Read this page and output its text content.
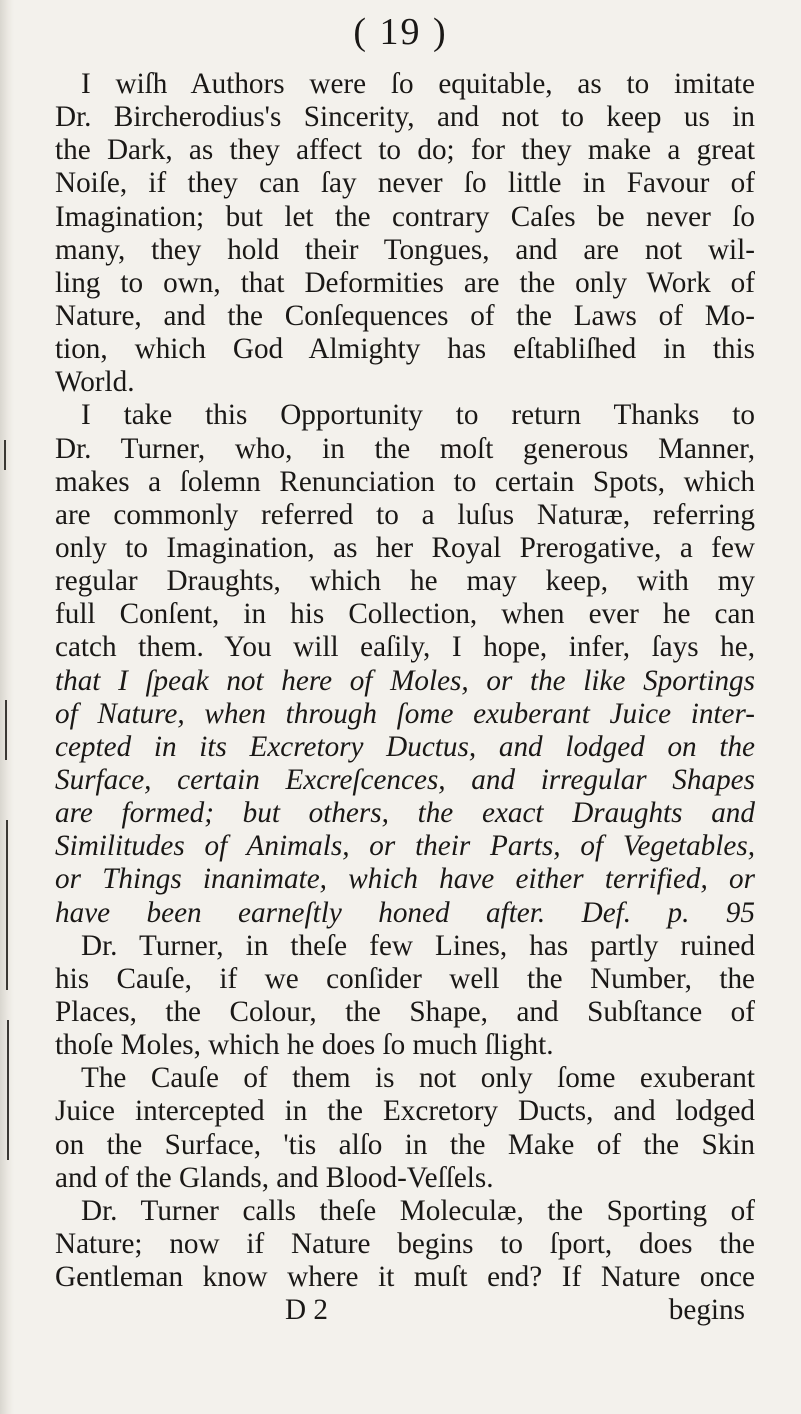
( 19 )
I wiſh Authors were ſo equitable, as to imitate
Dr. Bircherodius's Sincerity, and not to keep us in
the Dark, as they affect to do; for they make a great
Noiſe, if they can ſay never ſo little in Favour of
Imagination; but let the contrary Caſes be never ſo
many, they hold their Tongues, and are not wil-
ling to own, that Deformities are the only Work of
Nature, and the Conſequences of the Laws of Mo-
tion, which God Almighty has eſtabliſhed in this
World.
I take this Opportunity to return Thanks to
Dr. Turner, who, in the moſt generous Manner,
makes a ſolemn Renunciation to certain Spots, which
are commonly referred to a luſus Naturæ, referring
only to Imagination, as her Royal Prerogative, a few
regular Draughts, which he may keep, with my
full Conſent, in his Collection, when ever he can
catch them. You will eaſily, I hope, infer, ſays he,
that I ſpeak not here of Moles, or the like Sportings
of Nature, when through ſome exuberant Juice inter-
cepted in its Excretory Ductus, and lodged on the
Surface, certain Excreſcences, and irregular Shapes
are formed; but others, the exact Draughts and
Similitudes of Animals, or their Parts, of Vegetables,
or Things inanimate, which have either terrified, or
have been earneſtly honed after. Def. p. 95
Dr. Turner, in theſe few Lines, has partly ruined
his Cauſe, if we conſider well the Number, the
Places, the Colour, the Shape, and Subſtance of
thoſe Moles, which he does ſo much ſlight.
The Cauſe of them is not only ſome exuberant
Juice intercepted in the Excretory Ducts, and lodged
on the Surface, 'tis alſo in the Make of the Skin
and of the Glands, and Blood-Veſſels.
Dr. Turner calls theſe Moleculæ, the Sporting of
Nature; now if Nature begins to ſport, does the
Gentleman know where it muſt end? If Nature once
D 2	begins
